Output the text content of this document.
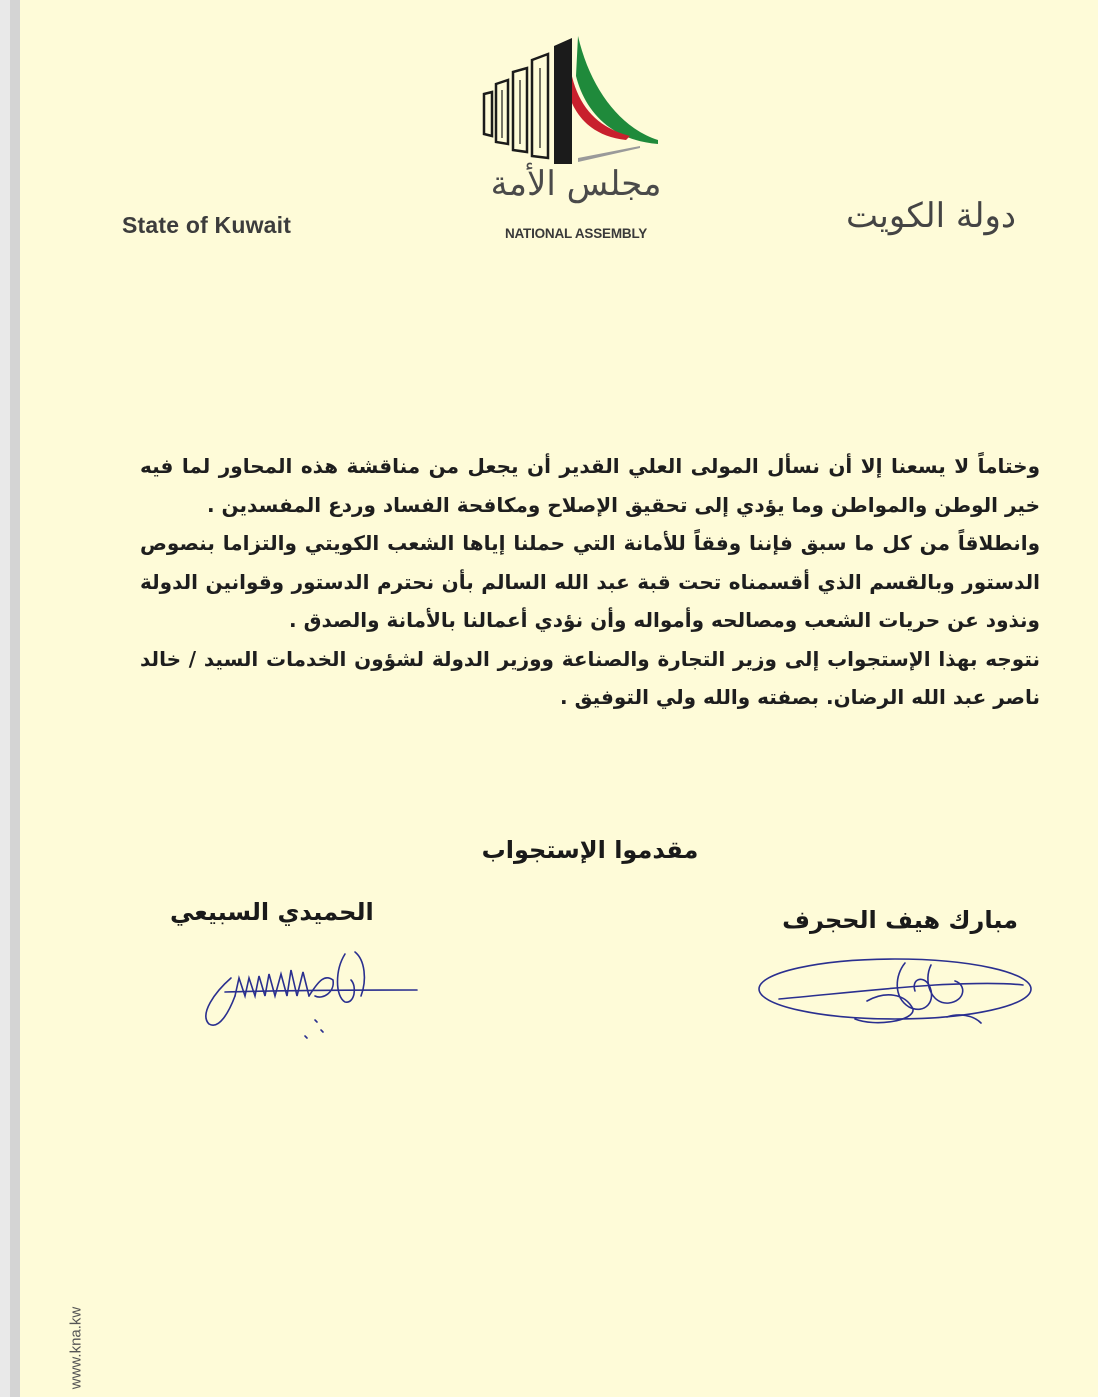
مجلس الأمة
NATIONAL ASSEMBLY
State of Kuwait	دولة الكويت

وختاماً لا يسعنا إلا أن نسأل المولى العلي القدير أن يجعل من مناقشة هذه المحاور لما فيه خير الوطن والمواطن وما يؤدي إلى تحقيق الإصلاح ومكافحة الفساد وردع المفسدين .

وانطلاقاً من كل ما سبق فإننا وفقاً للأمانة التي حملنا إياها الشعب الكويتي والتزاما بنصوص الدستور وبالقسم الذي أقسمناه تحت قبة عبد الله السالم بأن نحترم الدستور وقوانين الدولة ونذود عن حريات الشعب ومصالحه وأمواله وأن نؤدي أعمالنا بالأمانة والصدق .

نتوجه بهذا الإستجواب إلى وزير التجارة والصناعة ووزير الدولة لشؤون الخدمات السيد / خالد ناصر عبد الله الرضان. بصفته والله ولي التوفيق .

مقدموا الإستجواب
مبارك هيف الحجرف
الحميدي السبيعي
www.kna.kw
